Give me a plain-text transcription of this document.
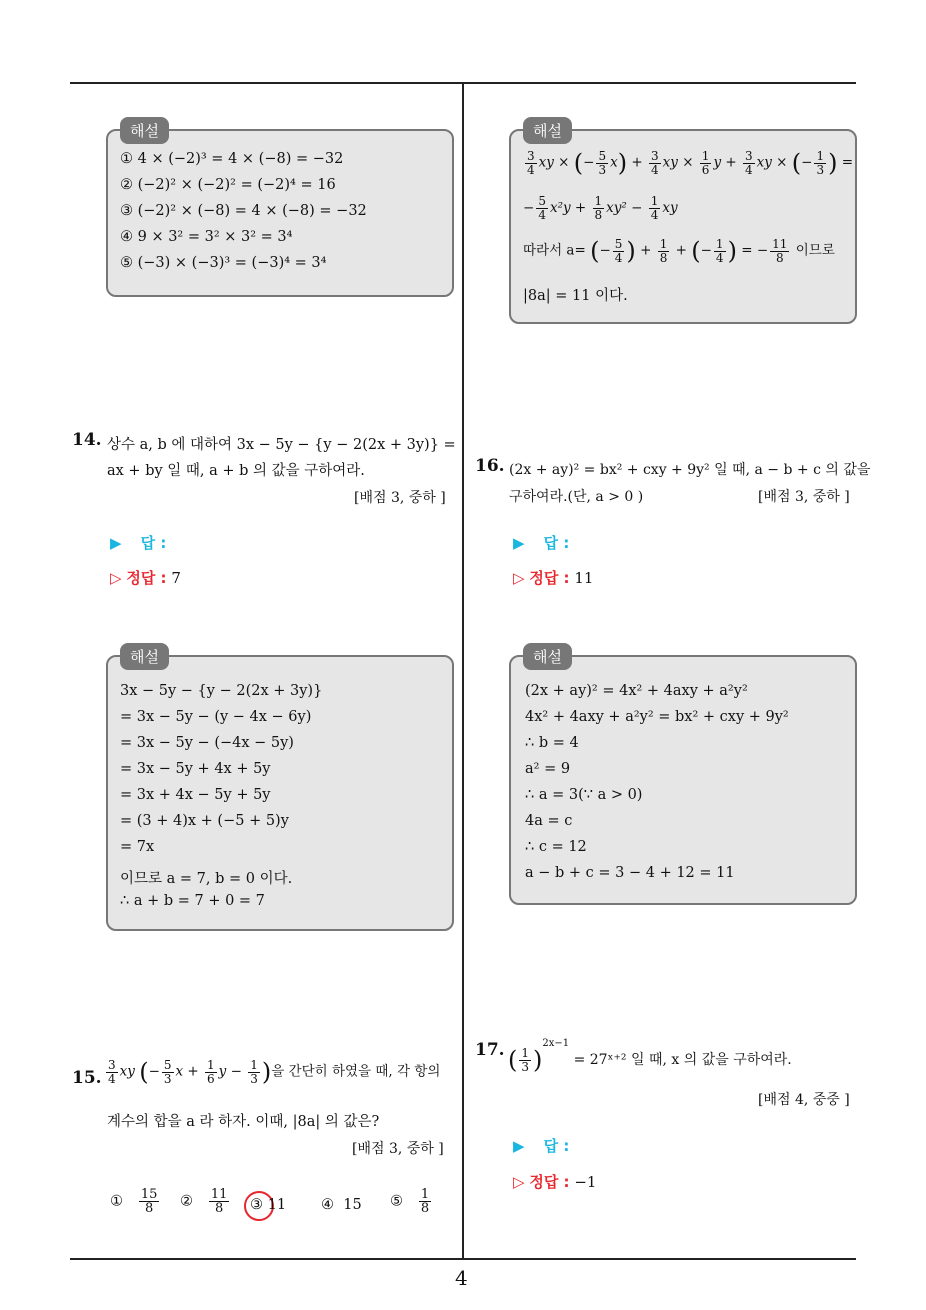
4
해설
① 4 × (−2)³ = 4 × (−8) = −32
② (−2)² × (−2)² = (−2)⁴ = 16
③ (−2)² × (−8) = 4 × (−8) = −32
④ 9 × 3² = 3² × 3² = 3⁴
⑤ (−3) × (−3)³ = (−3)⁴ = 3⁴
해설
$\frac{3}{4}$ xy × (− $\frac{5}{3} x) + \frac{3}{4}$ xy × $\frac{1}{6}$ $y + \frac{3}{4}$ xy × (− $\frac{1}{3}$ ) =
− $\frac{5}{4} x^2y + \frac{1}{8} xy^2 - \frac{1}{4}$ xy
따라서 a= (− $\frac{5}{4}$ ) + $\frac{1}{8}$ + (− $\frac{1}{4}$ ) = − $\frac{11}{8}$ 이므로
|8a| = 11 이다.
14. 상수 a, b 에 대하여 3x − 5y − {y − 2(2x + 3y)} =
ax + by 일 때, a + b 의 값을 구하여라.
[배점 3, 중하 ]
▶ 답 :
▷ 정답 : 7
해설
3x − 5y − {y − 2(2x + 3y)}
= 3x − 5y − (y − 4x − 6y)
= 3x − 5y − (−4x − 5y)
= 3x − 5y + 4x + 5y
= 3x + 4x − 5y + 5y
= (3 + 4)x + (−5 + 5)y
= 7x
이므로 a = 7, b = 0 이다.
∴ a + b = 7 + 0 = 7
16. (2x + ay)² = bx² + cxy + 9y² 일 때, a − b + c 의 값을
구하여라.(단, a > 0 )	[배점 3, 중하 ]
▶ 답 :
▷ 정답 : 11
해설
(2x + ay)² = 4x² + 4axy + a²y²
4x² + 4axy + a²y² = bx² + cxy + 9y²
∴ b = 4
a² = 9
∴ a = 3(∵ a > 0)
4a = c
∴ c = 12
a − b + c = 3 − 4 + 12 = 11
15. $\frac{3}{4}$ xy (− $\frac{5}{3}$ $x + \frac{1}{6}$ $y - \frac{1}{3}$ )을 간단히 하였을 때, 각 항의
계수의 합을 a 라 하자. 이때, |8a| 의 값은?
[배점 3, 중하 ]
① $\frac{15}{8}$ ② $\frac{11}{8}$ ③ 11 ④ 15 ⑤ $\frac{1}{8}$
17. ( $\frac{1}{3} )^{2x-1}$ = 27ˣ⁺² 일 때, x 의 값을 구하여라.
[배점 4, 중중 ]
▶ 답 :
▷ 정답 : −1
